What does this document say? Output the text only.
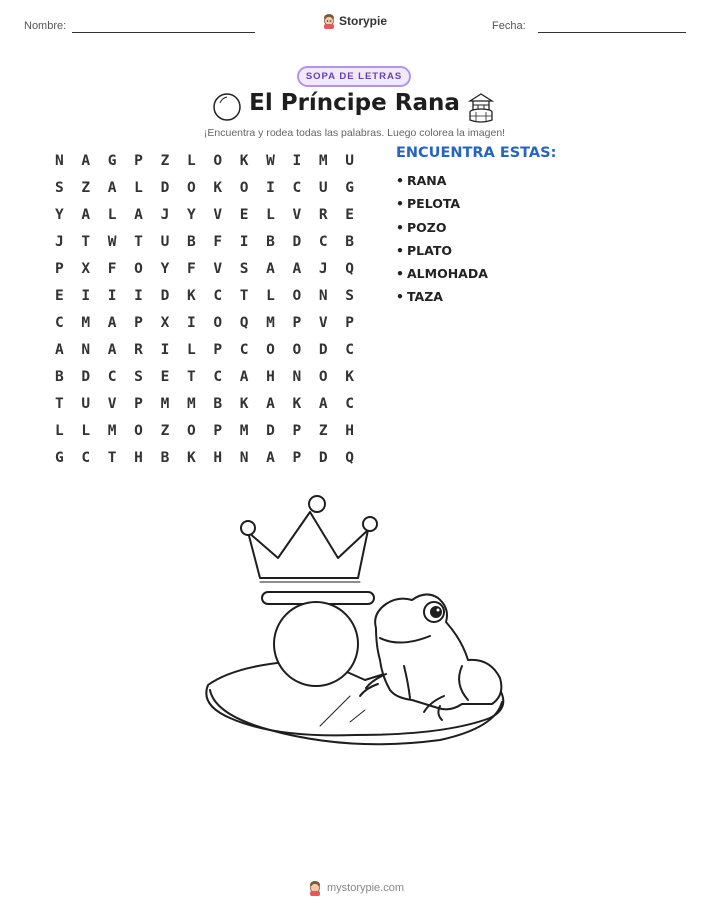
Nombre:	Fecha:
Storypie
SOPA DE LETRAS
El Príncipe Rana
¡Encuentra y rodea todas las palabras. Luego colorea la imagen!
N	A	G	P	Z	L	O	K	W	I	M	U
S	Z	A	L	D	O	K	O	I	C	U	G
Y	A	L	A	J	Y	V	E	L	V	R	E
J	T	W	T	U	B	F	I	B	D	C	B
P	X	F	O	Y	F	V	S	A	A	J	Q
E	I	I	I	D	K	C	T	L	O	N	S
C	M	A	P	X	I	O	Q	M	P	V	P
A	N	A	R	I	L	P	C	O	O	D	C
B	D	C	S	E	T	C	A	H	N	O	K
T	U	V	P	M	M	B	K	A	K	A	C
L	L	M	O	Z	O	P	M	D	P	Z	H
G	C	T	H	B	K	H	N	A	P	D	Q
ENCUENTRA ESTAS:
• RANA
• PELOTA
• POZO
• PLATO
• ALMOHADA
• TAZA
mystorypie.com
